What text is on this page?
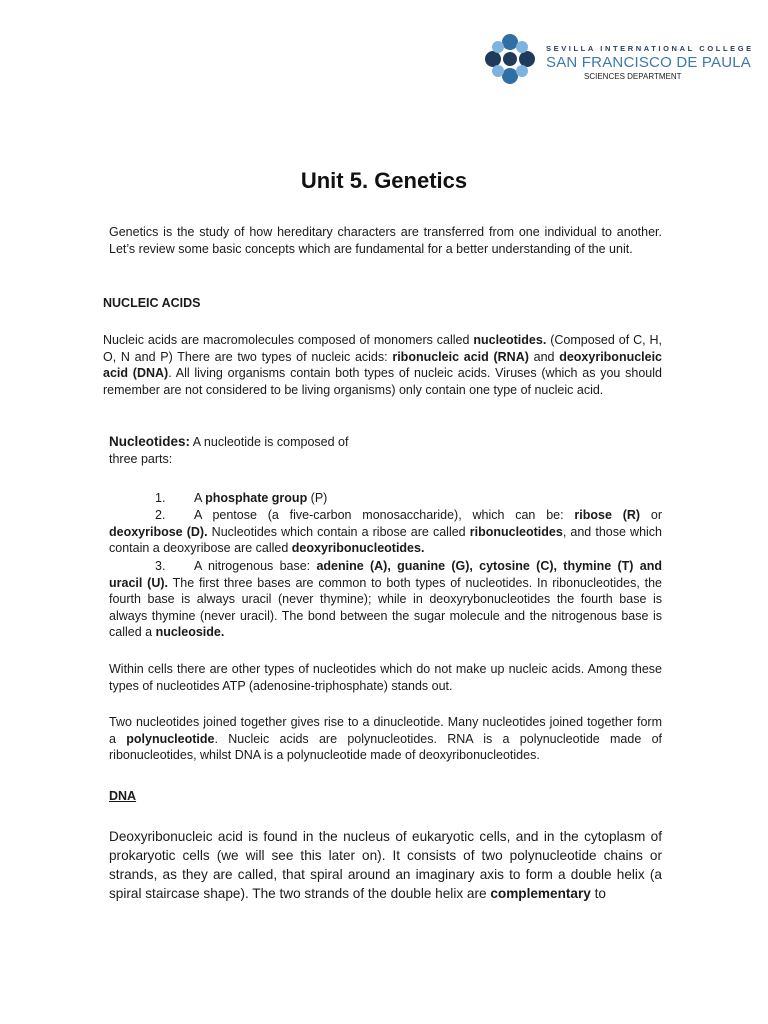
SEVILLA INTERNATIONAL COLLEGE
SAN FRANCISCO DE PAULA
SCIENCES DEPARTMENT
Unit 5. Genetics

Genetics is the study of how hereditary characters are transferred from one individual to another. Let’s review some basic concepts which are fundamental for a better understanding of the unit.

NUCLEIC ACIDS

Nucleic acids are macromolecules composed of monomers called nucleotides. (Composed of C, H, O, N and P) There are two types of nucleic acids: ribonucleic acid (RNA) and deoxyribonucleic acid (DNA). All living organisms contain both types of nucleic acids. Viruses (which as you should remember are not considered to be living organisms) only contain one type of nucleic acid.

Nucleotides: A nucleotide is composed of
three parts:

1. A phosphate group (P)

2. A pentose (a five-carbon monosaccharide), which can be: ribose (R) or deoxyribose (D). Nucleotides which contain a ribose are called ribonucleotides, and those which contain a deoxyribose are called deoxyribonucleotides.

3. A nitrogenous base: adenine (A), guanine (G), cytosine (C), thymine (T) and uracil (U). The first three bases are common to both types of nucleotides. In ribonucleotides, the fourth base is always uracil (never thymine); while in deoxyrybonucleotides the fourth base is always thymine (never uracil). The bond between the sugar molecule and the nitrogenous base is called a nucleoside.

Within cells there are other types of nucleotides which do not make up nucleic acids. Among these types of nucleotides ATP (adenosine-triphosphate) stands out.

Two nucleotides joined together gives rise to a dinucleotide. Many nucleotides joined together form a polynucleotide. Nucleic acids are polynucleotides. RNA is a polynucleotide made of ribonucleotides, whilst DNA is a polynucleotide made of deoxyribonucleotides.

DNA

Deoxyribonucleic acid is found in the nucleus of eukaryotic cells, and in the cytoplasm of prokaryotic cells (we will see this later on). It consists of two polynucleotide chains or strands, as they are called, that spiral around an imaginary axis to form a double helix (a spiral staircase shape). The two strands of the double helix are complementary to
